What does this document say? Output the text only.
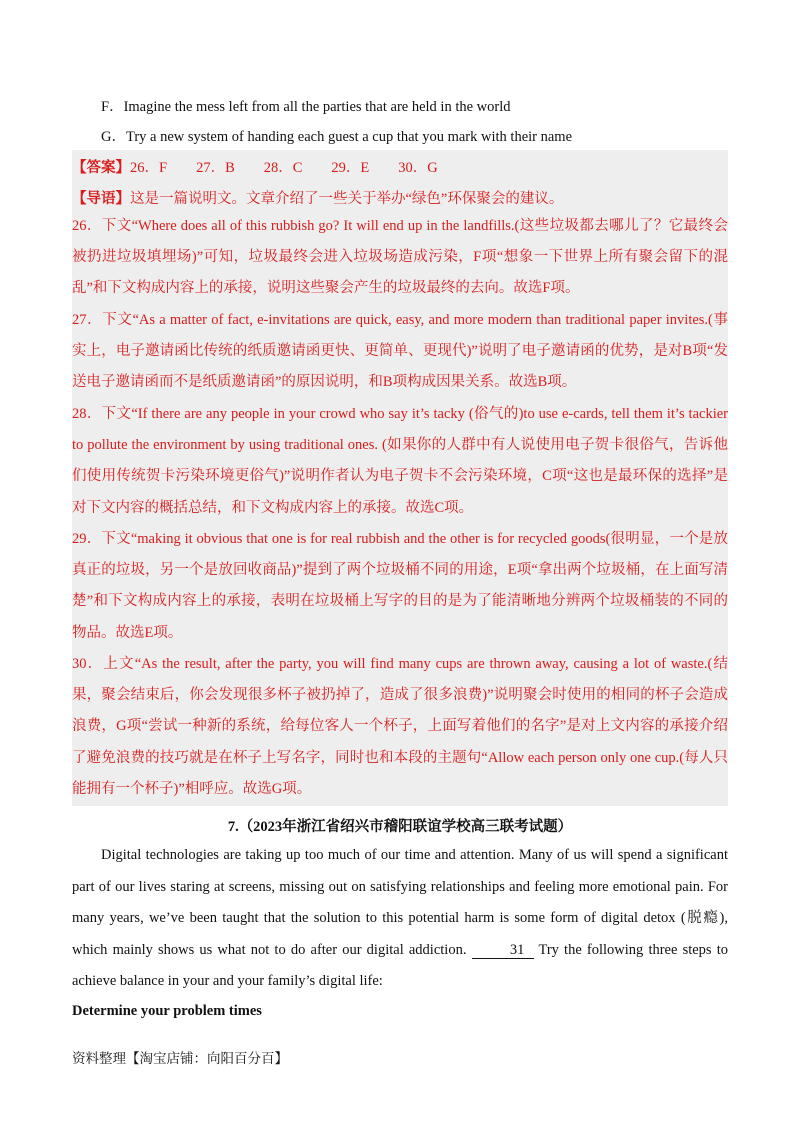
F．Imagine the mess left from all the parties that are held in the world
G．Try a new system of handing each guest a cup that you mark with their name
【答案】26．F　　27．B　　28．C　　29．E　　30．G
【导语】这是一篇说明文。文章介绍了一些关于举办“绿色”环保聚会的建议。
26．下文“Where does all of this rubbish go? It will end up in the landfills.(这些垃圾都去哪儿了？它最终会被扔进垃圾填埋场)”可知，垃圾最终会进入垃圾场造成污染，F项“想象一下世界上所有聚会留下的混乱”和下文构成内容上的承接，说明这些聚会产生的垃圾最终的去向。故选F项。
27．下文“As a matter of fact, e-invitations are quick, easy, and more modern than traditional paper invites.(事实上，电子邀请函比传统的纸质邀请函更快、更简单、更现代)”说明了电子邀请函的优势，是对B项“发送电子邀请函而不是纸质邀请函”的原因说明，和B项构成因果关系。故选B项。
28．下文“If there are any people in your crowd who say it’s tacky (俗气的)to use e-cards, tell them it’s tackier to pollute the environment by using traditional ones. (如果你的人群中有人说使用电子贺卡很俗气，告诉他们使用传统贺卡污染环境更俗气)”说明作者认为电子贺卡不会污染环境，C项“这也是最环保的选择”是对下文内容的概括总结，和下文构成内容上的承接。故选C项。
29．下文“making it obvious that one is for real rubbish and the other is for recycled goods(很明显，一个是放真正的垃圾，另一个是放回收商品)”提到了两个垃圾桶不同的用途，E项“拿出两个垃圾桶，在上面写清楚”和下文构成内容上的承接，表明在垃圾桶上写字的目的是为了能清晰地分辨两个垃圾桶装的不同的物品。故选E项。
30．上文“As the result, after the party, you will find many cups are thrown away, causing a lot of waste.(结果，聚会结束后，你会发现很多杯子被扔掉了，造成了很多浪费)”说明聚会时使用的相同的杯子会造成浪费，G项“尝试一种新的系统，给每位客人一个杯子，上面写着他们的名字”是对上文内容的承接介绍了避免浪费的技巧就是在杯子上写名字，同时也和本段的主题句“Allow each person only one cup.(每人只能拥有一个杯子)”相呼应。故选G项。
7.（2023年浙江省绍兴市稽阳联谊学校高三联考试题）
Digital technologies are taking up too much of our time and attention. Many of us will spend a significant part of our lives staring at screens, missing out on satisfying relationships and feeling more emotional pain. For many years, we’ve been taught that the solution to this potential harm is some form of digital detox (脱瘾), which mainly shows us what not to do after our digital addiction.	31 Try the following three steps to achieve balance in your and your family’s digital life:
Determine your problem times
资料整理【淘宝店铺：向阳百分百】
